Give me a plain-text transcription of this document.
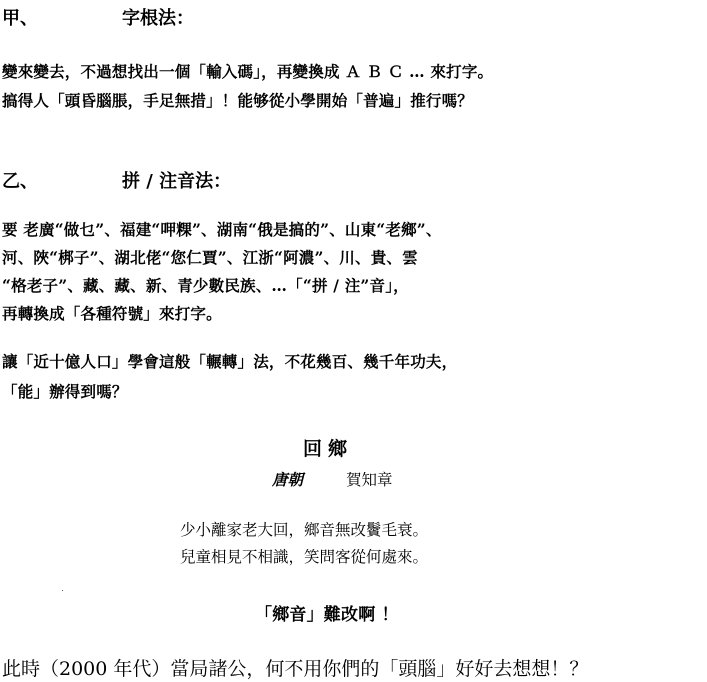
甲、	字根法：
變來變去，不過想找出一個「輸入碼」，再變換成 Ａ Ｂ Ｃ … 來打字。
搞得人「頭昏腦脹，手足無措」！能够從小學開始「普遍」推行嗎？
乙、	拼 / 注音法：
要 老廣“做乜”、福建“呷粿”、湖南“俄是搞的”、山東“老鄉”、
河、陜“梆子”、湖北佬“您仁賈”、江浙“阿濃”、川、貴、雲
“格老子”、藏、藏、新、青少數民族、…「“拼 / 注”音」，
再轉換成「各種符號」來打字。
讓「近十億人口」學會這般「輾轉」法，不花幾百、幾千年功夫，
「能」辦得到嗎？
回鄉
唐朝	賀知章
少小離家老大回，鄉音無改鬢毛衰。
兒童相見不相識，笑問客從何處來。
「鄉音」難改啊 ！
此時（2000 年代）當局諸公，何不用你們的「頭腦」好好去想想！？
